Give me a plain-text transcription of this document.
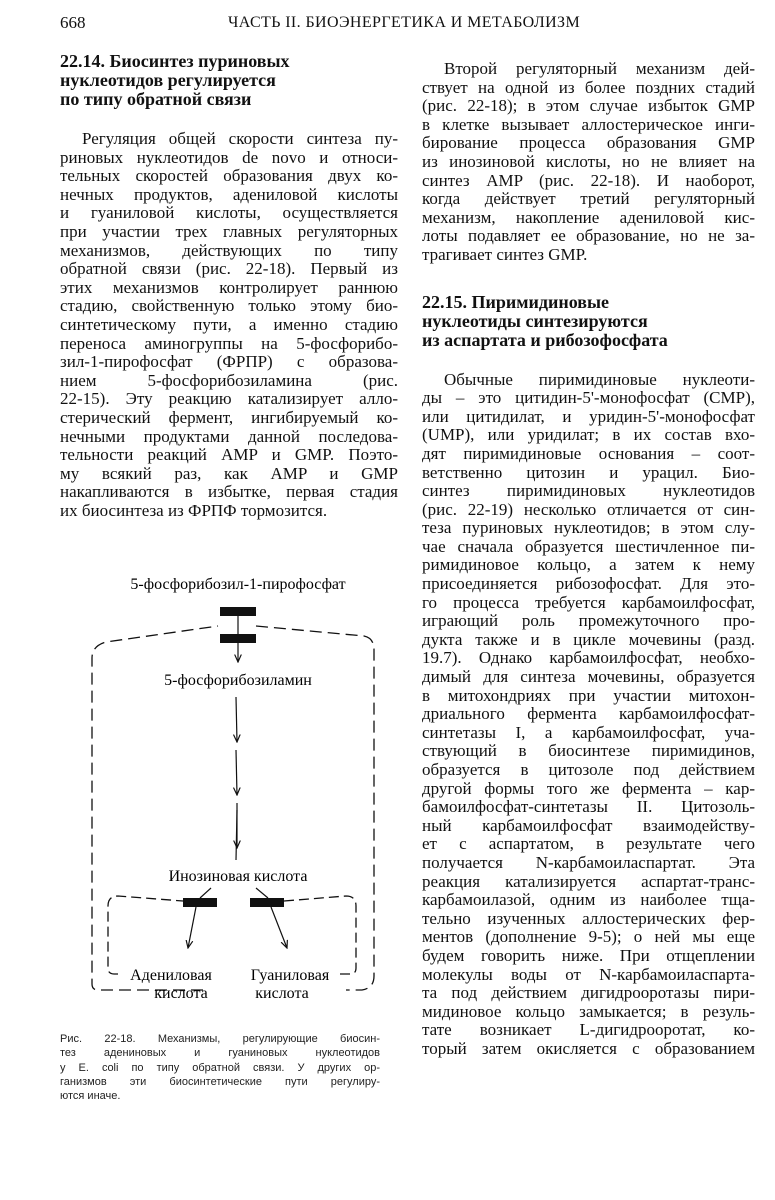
668	ЧАСТЬ II. БИОЭНЕРГЕТИКА И МЕТАБОЛИЗМ
22.14. Биосинтез пуриновых
нуклеотидов регулируется
по типу обратной связи
Регуляция общей скорости синтеза пу-
риновых нуклеотидов de novo и относи-
тельных скоростей образования двух ко-
нечных продуктов, адениловой кислоты
и гуаниловой кислоты, осуществляется
при участии трех главных регуляторных
механизмов, действующих по типу
обратной связи (рис. 22-18). Первый из
этих механизмов контролирует раннюю
стадию, свойственную только этому био-
синтетическому пути, а именно стадию
переноса аминогруппы на 5-фосфорибо-
зил-1-пирофосфат (ФРПР) с образова-
нием 5-фосфорибозиламина (рис.
22-15). Эту реакцию катализирует алло-
стерический фермент, ингибируемый ко-
нечными продуктами данной последова-
тельности реакций AMP и GMP. Поэто-
му всякий раз, как AMP и GMP
накапливаются в избытке, первая стадия
их биосинтеза из ФРПФ тормозится.
5-фосфорибозил-1-пирофосфат
5-фосфорибозиламин
Инозиновая кислота
Адениловая
кислота
Гуаниловая
кислота
Рис. 22-18. Механизмы, регулирующие биосин-
тез адениновых и гуаниновых нуклеотидов
у E. coli по типу обратной связи. У других ор-
ганизмов эти биосинтетические пути регулиру-
ются иначе.
Второй регуляторный механизм дей-
ствует на одной из более поздних стадий
(рис. 22-18); в этом случае избыток GMP
в клетке вызывает аллостерическое инги-
бирование процесса образования GMP
из инозиновой кислоты, но не влияет на
синтез AMP (рис. 22-18). И наоборот,
когда действует третий регуляторный
механизм, накопление адениловой кис-
лоты подавляет ее образование, но не за-
трагивает синтез GMP.
22.15. Пиримидиновые
нуклеотиды синтезируются
из аспартата и рибозофосфата
Обычные пиримидиновые нуклеоти-
ды – это цитидин-5'-монофосфат (CMP),
или цитидилат, и уридин-5'-монофосфат
(UMP), или уридилат; в их состав вхо-
дят пиримидиновые основания – соот-
ветственно цитозин и урацил. Био-
синтез пиримидиновых нуклеотидов
(рис. 22-19) несколько отличается от син-
теза пуриновых нуклеотидов; в этом слу-
чае сначала образуется шестичленное пи-
римидиновое кольцо, а затем к нему
присоединяется рибозофосфат. Для это-
го процесса требуется карбамоилфосфат,
играющий роль промежуточного про-
дукта также и в цикле мочевины (разд.
19.7). Однако карбамоилфосфат, необхо-
димый для синтеза мочевины, образуется
в митохондриях при участии митохон-
дриального фермента карбамоилфосфат-
синтетазы I, а карбамоилфосфат, уча-
ствующий в биосинтезе пиримидинов,
образуется в цитозоле под действием
другой формы того же фермента – кар-
бамоилфосфат-синтетазы II. Цитозоль-
ный карбамоилфосфат взаимодейству-
ет с аспартатом, в результате чего
получается N-карбамоиласпартат. Эта
реакция катализируется аспартат-транс-
карбамоилазой, одним из наиболее тща-
тельно изученных аллостерических фер-
ментов (дополнение 9-5); о ней мы еще
будем говорить ниже. При отщеплении
молекулы воды от N-карбамоиласпарта-
та под действием дигидрооротазы пири-
мидиновое кольцо замыкается; в резуль-
тате возникает L-дигидрооротат, ко-
торый затем окисляется с образованием
